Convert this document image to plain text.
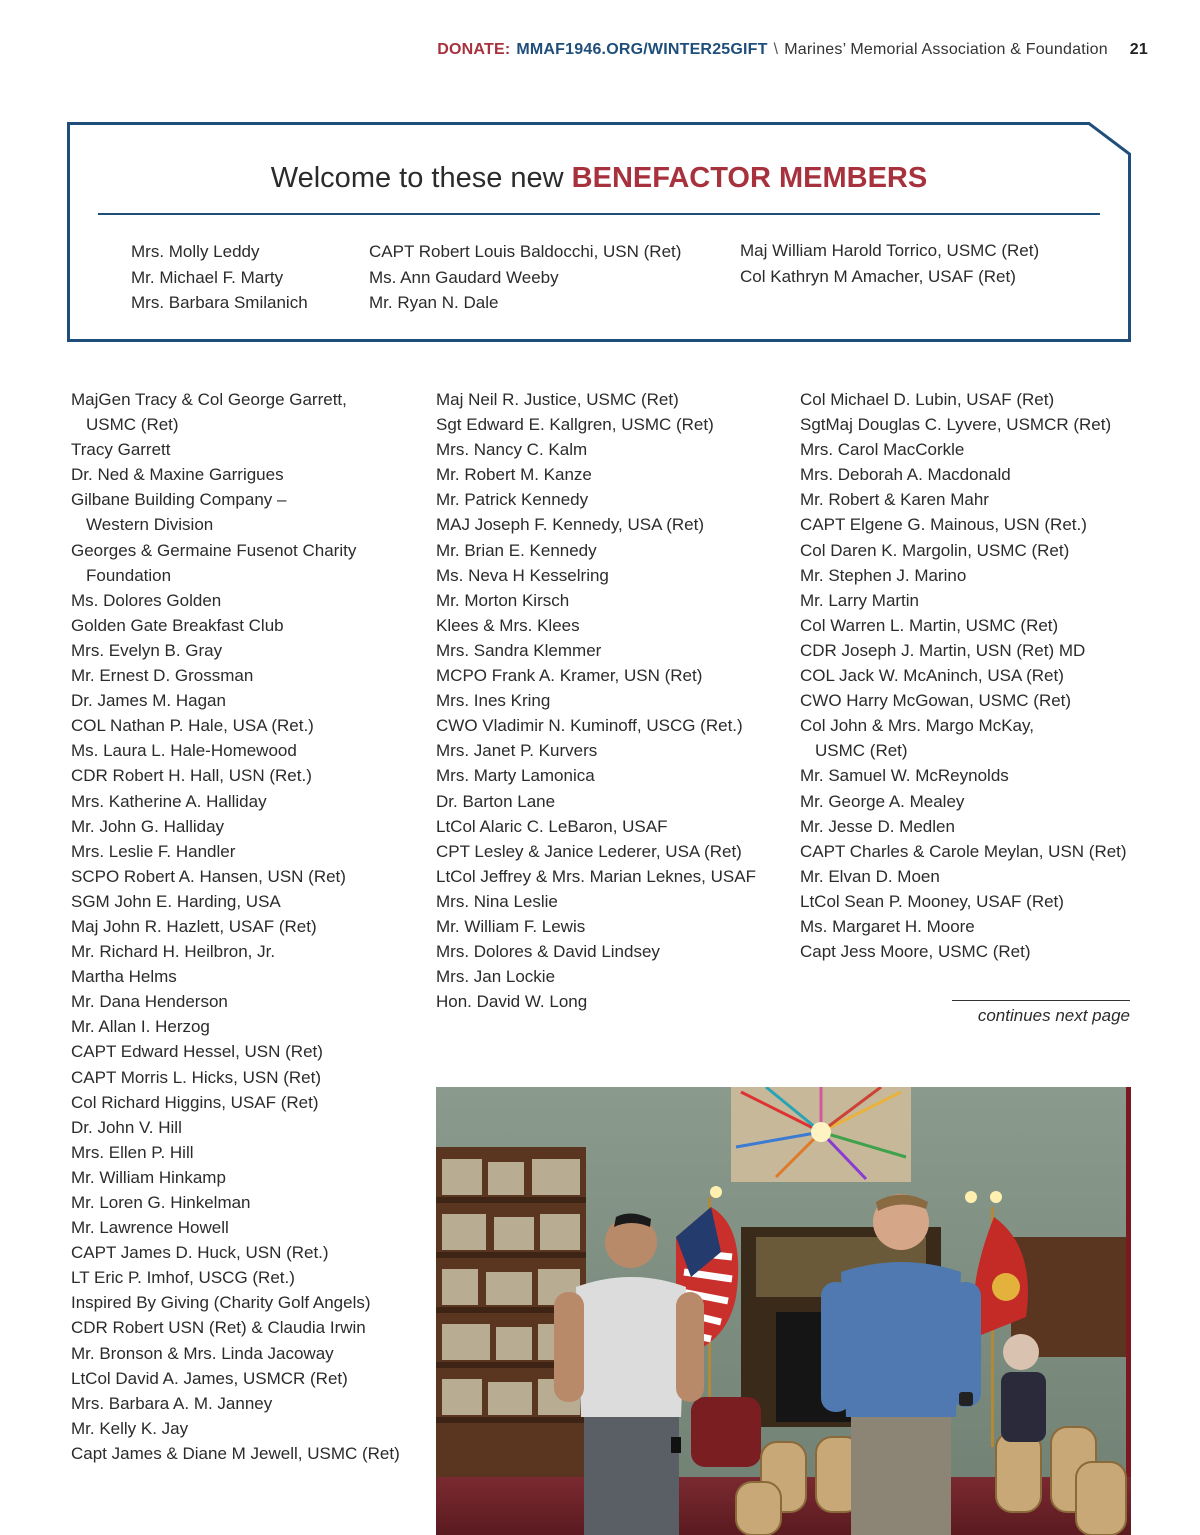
DONATE: MMAF1946.ORG/WINTER25GIFT \ Marines’ Memorial Association & Foundation 21
Welcome to these new BENEFACTOR MEMBERS
Mrs. Molly Leddy
Mr. Michael F. Marty
Mrs. Barbara Smilanich
CAPT Robert Louis Baldocchi, USN (Ret)
Ms. Ann Gaudard Weeby
Mr. Ryan N. Dale
Maj William Harold Torrico, USMC (Ret)
Col Kathryn M Amacher, USAF (Ret)
MajGen Tracy & Col George Garrett,
USMC (Ret)
Tracy Garrett
Dr. Ned & Maxine Garrigues
Gilbane Building Company –
Western Division
Georges & Germaine Fusenot Charity
Foundation
Ms. Dolores Golden
Golden Gate Breakfast Club
Mrs. Evelyn B. Gray
Mr. Ernest D. Grossman
Dr. James M. Hagan
COL Nathan P. Hale, USA (Ret.)
Ms. Laura L. Hale-Homewood
CDR Robert H. Hall, USN (Ret.)
Mrs. Katherine A. Halliday
Mr. John G. Halliday
Mrs. Leslie F. Handler
SCPO Robert A. Hansen, USN (Ret)
SGM John E. Harding, USA
Maj John R. Hazlett, USAF (Ret)
Mr. Richard H. Heilbron, Jr.
Martha Helms
Mr. Dana Henderson
Mr. Allan I. Herzog
CAPT Edward Hessel, USN (Ret)
CAPT Morris L. Hicks, USN (Ret)
Col Richard Higgins, USAF (Ret)
Dr. John V. Hill
Mrs. Ellen P. Hill
Mr. William Hinkamp
Mr. Loren G. Hinkelman
Mr. Lawrence Howell
CAPT James D. Huck, USN (Ret.)
LT Eric P. Imhof, USCG (Ret.)
Inspired By Giving (Charity Golf Angels)
CDR Robert USN (Ret) & Claudia Irwin
Mr. Bronson & Mrs. Linda Jacoway
LtCol David A. James, USMCR (Ret)
Mrs. Barbara A. M. Janney
Mr. Kelly K. Jay
Capt James & Diane M Jewell, USMC (Ret)
Maj Neil R. Justice, USMC (Ret)
Sgt Edward E. Kallgren, USMC (Ret)
Mrs. Nancy C. Kalm
Mr. Robert M. Kanze
Mr. Patrick Kennedy
MAJ Joseph F. Kennedy, USA (Ret)
Mr. Brian E. Kennedy
Ms. Neva H Kesselring
Mr. Morton Kirsch
Klees & Mrs. Klees
Mrs. Sandra Klemmer
MCPO Frank A. Kramer, USN (Ret)
Mrs. Ines Kring
CWO Vladimir N. Kuminoff, USCG (Ret.)
Mrs. Janet P. Kurvers
Mrs. Marty Lamonica
Dr. Barton Lane
LtCol Alaric C. LeBaron, USAF
CPT Lesley & Janice Lederer, USA (Ret)
LtCol Jeffrey & Mrs. Marian Leknes, USAF
Mrs. Nina Leslie
Mr. William F. Lewis
Mrs. Dolores & David Lindsey
Mrs. Jan Lockie
Hon. David W. Long
Col Michael D. Lubin, USAF (Ret)
SgtMaj Douglas C. Lyvere, USMCR (Ret)
Mrs. Carol MacCorkle
Mrs. Deborah A. Macdonald
Mr. Robert & Karen Mahr
CAPT Elgene G. Mainous, USN (Ret.)
Col Daren K. Margolin, USMC (Ret)
Mr. Stephen J. Marino
Mr. Larry Martin
Col Warren L. Martin, USMC (Ret)
CDR Joseph J. Martin, USN (Ret) MD
COL Jack W. McAninch, USA (Ret)
CWO Harry McGowan, USMC (Ret)
Col John & Mrs. Margo McKay,
USMC (Ret)
Mr. Samuel W. McReynolds
Mr. George A. Mealey
Mr. Jesse D. Medlen
CAPT Charles & Carole Meylan, USN (Ret)
Mr. Elvan D. Moen
LtCol Sean P. Mooney, USAF (Ret)
Ms. Margaret H. Moore
Capt Jess Moore, USMC (Ret)
continues next page
